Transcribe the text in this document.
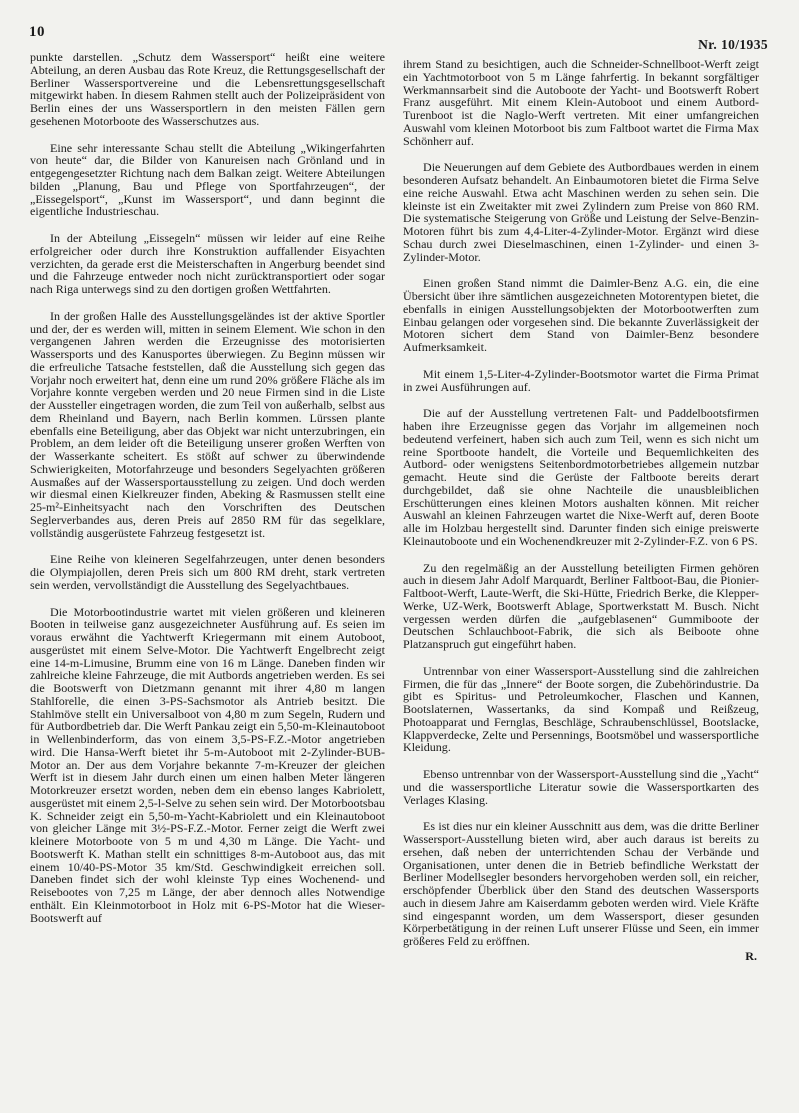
10
Nr. 10/1935

punkte darstellen. „Schutz dem Wassersport“ heißt eine weitere Abteilung, an deren Ausbau das Rote Kreuz, die Rettungsgesellschaft der Berliner Wassersportvereine und die Lebensrettungsgesellschaft mitgewirkt haben. In diesem Rahmen stellt auch der Polizeipräsident von Berlin eines der uns Wassersportlern in den meisten Fällen gern gesehenen Motorboote des Wasserschutzes aus.

Eine sehr interessante Schau stellt die Abteilung „Wikingerfahrten von heute“ dar, die Bilder von Kanureisen nach Grönland und in entgegengesetzter Richtung nach dem Balkan zeigt. Weitere Abteilungen bilden „Planung, Bau und Pflege von Sportfahrzeugen“, der „Eissegelsport“, „Kunst im Wassersport“, und dann beginnt die eigentliche Industrieschau.

In der Abteilung „Eissegeln“ müssen wir leider auf eine Reihe erfolgreicher oder durch ihre Konstruktion auffallender Eisyachten verzichten, da gerade erst die Meisterschaften in Angerburg beendet sind und die Fahrzeuge entweder noch nicht zurücktransportiert oder sogar nach Riga unterwegs sind zu den dortigen großen Wettfahrten.

In der großen Halle des Ausstellungsgeländes ist der aktive Sportler und der, der es werden will, mitten in seinem Element. Wie schon in den vergangenen Jahren werden die Erzeugnisse des motorisierten Wassersports und des Kanusportes überwiegen. Zu Beginn müssen wir die erfreuliche Tatsache feststellen, daß die Ausstellung sich gegen das Vorjahr noch erweitert hat, denn eine um rund 20% größere Fläche als im Vorjahre konnte vergeben werden und 20 neue Firmen sind in die Liste der Aussteller eingetragen worden, die zum Teil von außerhalb, selbst aus dem Rheinland und Bayern, nach Berlin kommen. Lürssen plante ebenfalls eine Beteiligung, aber das Objekt war nicht unterzubringen, ein Problem, an dem leider oft die Beteiligung unserer großen Werften von der Wasserkante scheitert. Es stößt auf schwer zu überwindende Schwierigkeiten, Motorfahrzeuge und besonders Segelyachten größeren Ausmaßes auf der Wassersportausstellung zu zeigen. Und doch werden wir diesmal einen Kielkreuzer finden, Abeking & Rasmussen stellt eine 25-m²-Einheitsyacht nach den Vorschriften des Deutschen Seglerverbandes aus, deren Preis auf 2850 RM für das segelklare, vollständig ausgerüstete Fahrzeug festgesetzt ist.

Eine Reihe von kleineren Segelfahrzeugen, unter denen besonders die Olympiajollen, deren Preis sich um 800 RM dreht, stark vertreten sein werden, vervollständigt die Ausstellung des Segelyachtbaues.

Die Motorbootindustrie wartet mit vielen größeren und kleineren Booten in teilweise ganz ausgezeichneter Ausführung auf. Es seien im voraus erwähnt die Yachtwerft Kriegermann mit einem Autoboot, ausgerüstet mit einem Selve-Motor. Die Yachtwerft Engelbrecht zeigt eine 14-m-Limusine, Brumm eine von 16 m Länge. Daneben finden wir zahlreiche kleine Fahrzeuge, die mit Autbords angetrieben werden. Es sei die Bootswerft von Dietzmann genannt mit ihrer 4,80 m langen Stahlforelle, die einen 3-PS-Sachsmotor als Antrieb besitzt. Die Stahlmöve stellt ein Universalboot von 4,80 m zum Segeln, Rudern und für Autbordbetrieb dar. Die Werft Pankau zeigt ein 5,50-m-Kleinautoboot in Wellenbinderform, das von einem 3,5-PS-F.Z.-Motor angetrieben wird. Die Hansa-Werft bietet ihr 5-m-Autoboot mit 2-Zylinder-BUB-Motor an. Der aus dem Vorjahre bekannte 7-m-Kreuzer der gleichen Werft ist in diesem Jahr durch einen um einen halben Meter längeren Motorkreuzer ersetzt worden, neben dem ein ebenso langes Kabriolett, ausgerüstet mit einem 2,5-l-Selve zu sehen sein wird. Der Motorbootsbau K. Schneider zeigt ein 5,50-m-Yacht-Kabriolett und ein Kleinautoboot von gleicher Länge mit 3½-PS-F.Z.-Motor. Ferner zeigt die Werft zwei kleinere Motorboote von 5 m und 4,30 m Länge. Die Yacht- und Bootswerft K. Mathan stellt ein schnittiges 8-m-Autoboot aus, das mit einem 10/40-PS-Motor 35 km/Std. Geschwindigkeit erreichen soll. Daneben findet sich der wohl kleinste Typ eines Wochenend- und Reisebootes von 7,25 m Länge, der aber dennoch alles Notwendige enthält. Ein Kleinmotorboot in Holz mit 6-PS-Motor hat die Wieser-Bootswerft auf

ihrem Stand zu besichtigen, auch die Schneider-Schnellboot-Werft zeigt ein Yachtmotorboot von 5 m Länge fahrfertig. In bekannt sorgfältiger Werkmannsarbeit sind die Autoboote der Yacht- und Bootswerft Robert Franz ausgeführt. Mit einem Klein-Autoboot und einem Autbord-Turenboot ist die Naglo-Werft vertreten. Mit einer umfangreichen Auswahl vom kleinen Motorboot bis zum Faltboot wartet die Firma Max Schönherr auf.

Die Neuerungen auf dem Gebiete des Autbordbaues werden in einem besonderen Aufsatz behandelt. An Einbaumotoren bietet die Firma Selve eine reiche Auswahl. Etwa acht Maschinen werden zu sehen sein. Die kleinste ist ein Zweitakter mit zwei Zylindern zum Preise von 860 RM. Die systematische Steigerung von Größe und Leistung der Selve-Benzin-Motoren führt bis zum 4,4-Liter-4-Zylinder-Motor. Ergänzt wird diese Schau durch zwei Dieselmaschinen, einen 1-Zylinder- und einen 3-Zylinder-Motor.

Einen großen Stand nimmt die Daimler-Benz A.G. ein, die eine Übersicht über ihre sämtlichen ausgezeichneten Motorentypen bietet, die ebenfalls in einigen Ausstellungsobjekten der Motorbootwerften zum Einbau gelangen oder vorgesehen sind. Die bekannte Zuverlässigkeit der Motoren sichert dem Stand von Daimler-Benz besondere Aufmerksamkeit.

Mit einem 1,5-Liter-4-Zylinder-Bootsmotor wartet die Firma Primat in zwei Ausführungen auf.

Die auf der Ausstellung vertretenen Falt- und Paddelbootsfirmen haben ihre Erzeugnisse gegen das Vorjahr im allgemeinen noch bedeutend verfeinert, haben sich auch zum Teil, wenn es sich nicht um reine Sportboote handelt, die Vorteile und Bequemlichkeiten des Autbord- oder wenigstens Seitenbordmotorbetriebes allgemein nutzbar gemacht. Heute sind die Gerüste der Faltboote bereits derart durchgebildet, daß sie ohne Nachteile die unausbleiblichen Erschütterungen eines kleinen Motors aushalten können. Mit reicher Auswahl an kleinen Fahrzeugen wartet die Nixe-Werft auf, deren Boote alle im Holzbau hergestellt sind. Darunter finden sich einige preiswerte Kleinautoboote und ein Wochenendkreuzer mit 2-Zylinder-F.Z. von 6 PS.

Zu den regelmäßig an der Ausstellung beteiligten Firmen gehören auch in diesem Jahr Adolf Marquardt, Berliner Faltboot-Bau, die Pionier-Faltboot-Werft, Laute-Werft, die Ski-Hütte, Friedrich Berke, die Klepper-Werke, UZ-Werk, Bootswerft Ablage, Sportwerkstatt M. Busch. Nicht vergessen werden dürfen die „aufgeblasenen“ Gummiboote der Deutschen Schlauchboot-Fabrik, die sich als Beiboote ohne Platzanspruch gut eingeführt haben.

Untrennbar von einer Wassersport-Ausstellung sind die zahlreichen Firmen, die für das „Innere“ der Boote sorgen, die Zubehörindustrie. Da gibt es Spiritus- und Petroleumkocher, Flaschen und Kannen, Bootslaternen, Wassertanks, da sind Kompaß und Reißzeug, Photoapparat und Fernglas, Beschläge, Schraubenschlüssel, Bootslacke, Klappverdecke, Zelte und Persennings, Bootsmöbel und wassersportliche Kleidung.

Ebenso untrennbar von der Wassersport-Ausstellung sind die „Yacht“ und die wassersportliche Literatur sowie die Wassersportkarten des Verlages Klasing.

Es ist dies nur ein kleiner Ausschnitt aus dem, was die dritte Berliner Wassersport-Ausstellung bieten wird, aber auch daraus ist bereits zu ersehen, daß neben der unterrichtenden Schau der Verbände und Organisationen, unter denen die in Betrieb befindliche Werkstatt der Berliner Modellsegler besonders hervorgehoben werden soll, ein reicher, erschöpfender Überblick über den Stand des deutschen Wassersports auch in diesem Jahre am Kaiserdamm geboten werden wird. Viele Kräfte sind eingespannt worden, um dem Wassersport, dieser gesunden Körperbetätigung in der reinen Luft unserer Flüsse und Seen, ein immer größeres Feld zu eröffnen.

R.
